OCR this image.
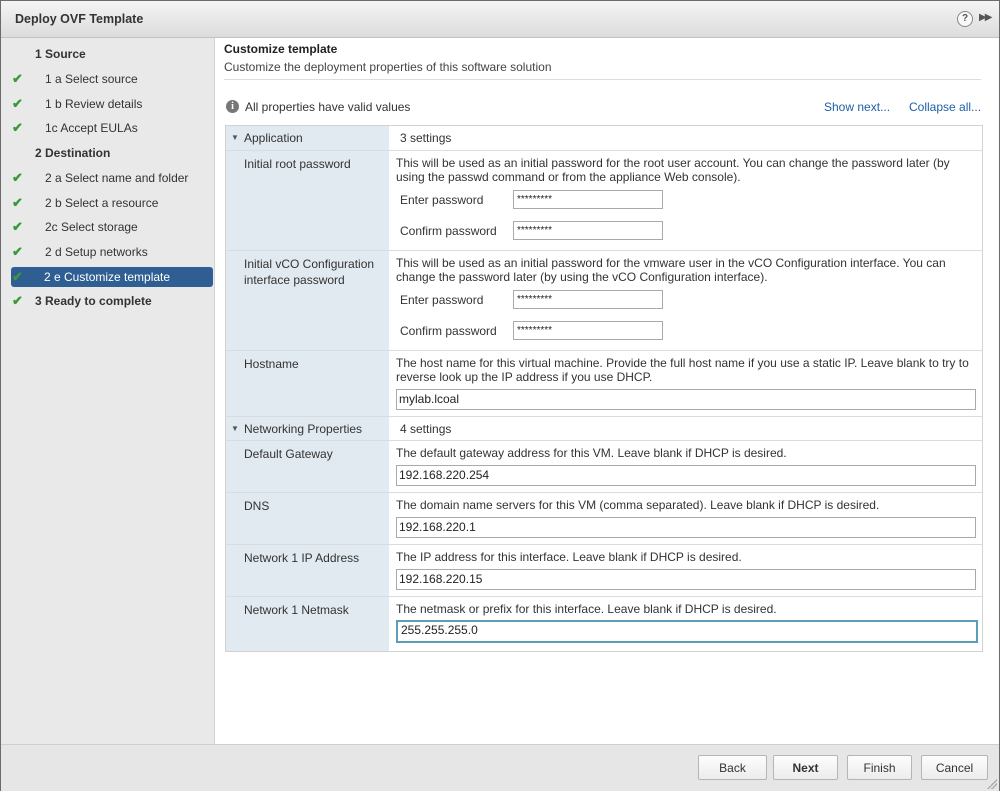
Deploy OVF Template	?	▶▶
1 Source
✔ 1 a Select source
✔ 1 b Review details
✔ 1c Accept EULAs
2 Destination
✔ 2 a Select name and folder
✔ 2 b Select a resource
✔ 2c Select storage
✔ 2 d Setup networks
✔ 2 e Customize template
✔ 3 Ready to complete
Customize template
Customize the deployment properties of this software solution
i All properties have valid values	Show next... Collapse all...
▼ Application	3 settings
Initial root password	This will be used as an initial password for the root user account. You can change the password later (by using the passwd command or from the appliance Web console).
Enter password	*********
Confirm password	*********
Initial vCO Configuration interface password
This will be used as an initial password for the vmware user in the vCO Configuration interface. You can change the password later (by using the vCO Configuration interface).
Enter password	*********
Confirm password	*********
Hostname	The host name for this virtual machine. Provide the full host name if you use a static IP. Leave blank to try to reverse look up the IP address if you use DHCP.
mylab.lcoal
▼ Networking Properties	4 settings
Default Gateway	The default gateway address for this VM. Leave blank if DHCP is desired.
192.168.220.254
DNS	The domain name servers for this VM (comma separated). Leave blank if DHCP is desired.
192.168.220.1
Network 1 IP Address	The IP address for this interface. Leave blank if DHCP is desired.
192.168.220.15
Network 1 Netmask	The netmask or prefix for this interface. Leave blank if DHCP is desired.
255.255.255.0
Back	Next	Finish	Cancel
